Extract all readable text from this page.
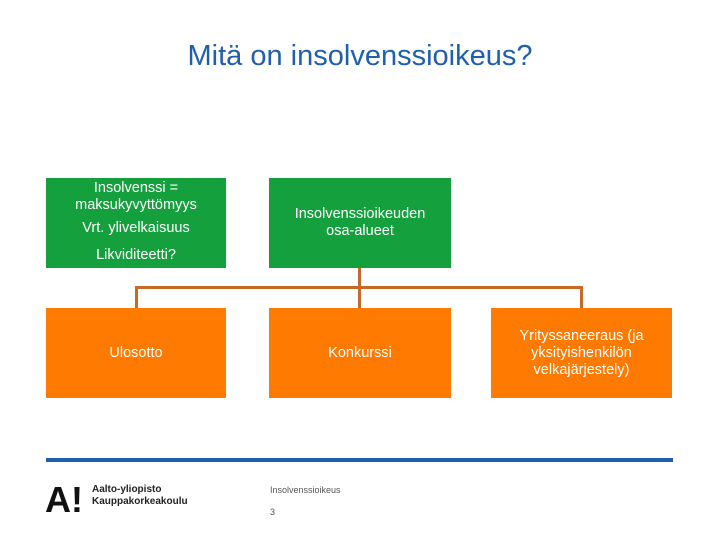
Mitä on insolvenssioikeus?
Insolvenssi =
maksukyvyttömyys
Vrt. ylivelkaisuus
Likviditeetti?
Insolvenssioikeuden osa-alueet
Ulosotto	Konkurssi
Yrityssaneeraus (ja yksityishenkilön velkajärjestely)
A! Aalto-yliopisto
Kauppakorkeakoulu
Insolvenssioikeus
3
